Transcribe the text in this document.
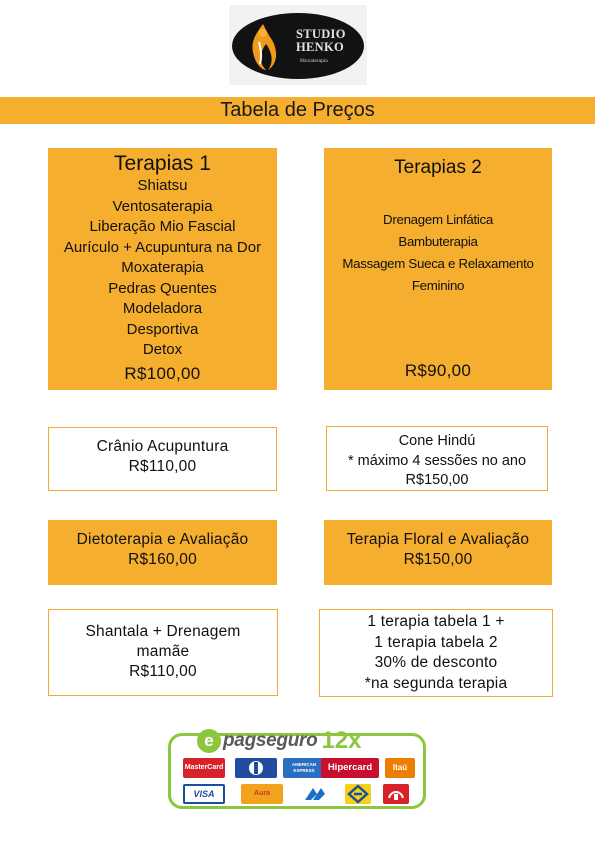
STUDIO HENKO
Moxaterapia
Tabela de Preços
Terapias 1
Shiatsu
Ventosaterapia
Liberação Mio Fascial
Aurículo + Acupuntura na Dor
Moxaterapia
Pedras Quentes
Modeladora
Desportiva
Detox
R$100,00
Terapias 2
Drenagem Linfática
Bambuterapia
Massagem Sueca e Relaxamento
Feminino
R$90,00
Crânio Acupuntura
R$110,00
Cone Hindú
* máximo 4 sessões no ano
R$150,00
Dietoterapia e Avaliação
R$160,00
Terapia Floral e Avaliação
R$150,00
Shantala + Drenagem
mamãe
R$110,00
1 terapia tabela 1 +
1 terapia tabela 2
30% de desconto
*na segunda terapia
MasterCard	AMERICAN EXPRESS	Hipercard	Itaú
VISA	Aura
e pagseguro 12x
